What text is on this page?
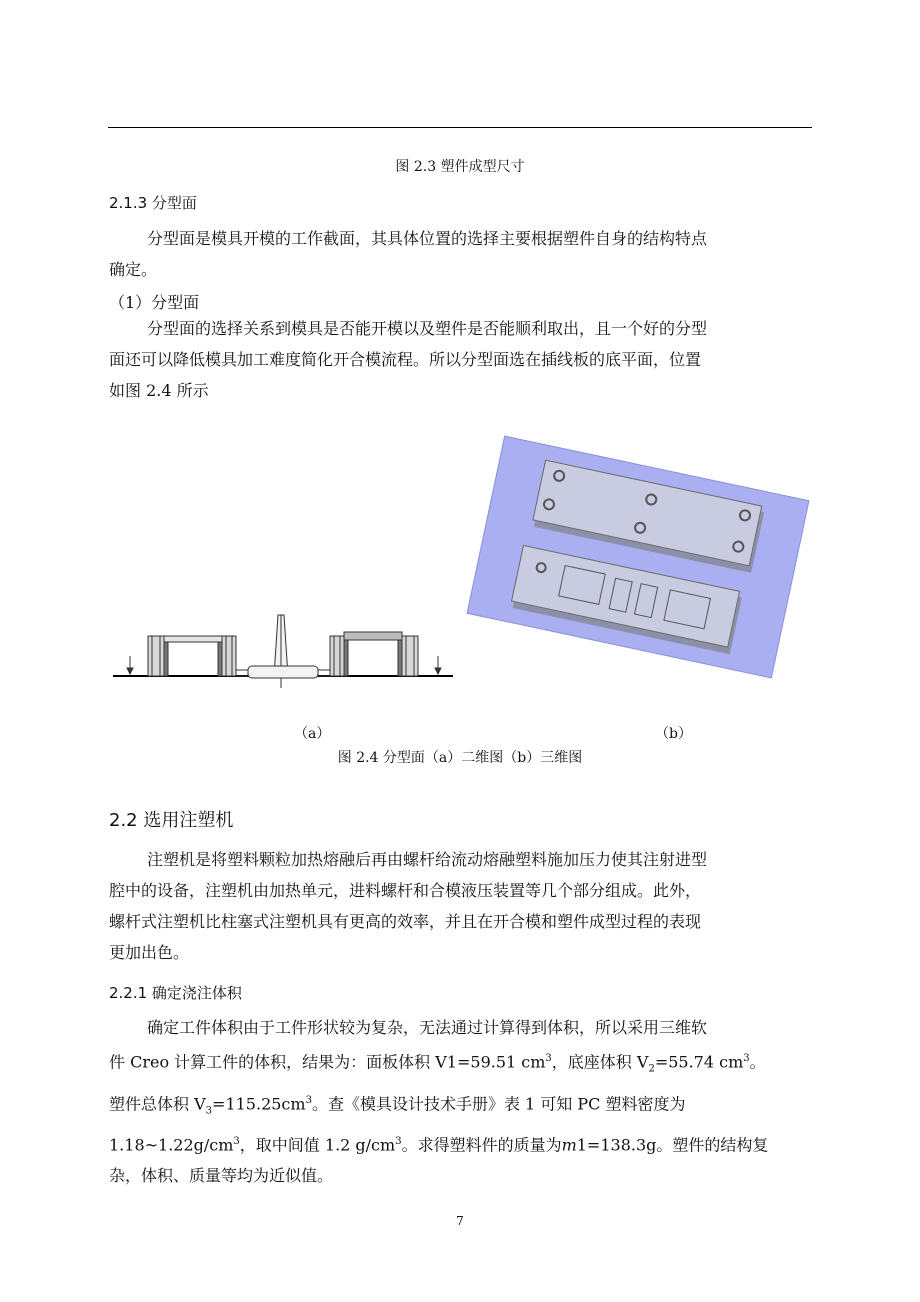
图 2.3 塑件成型尺寸
2.1.3 分型面
分型面是模具开模的工作截面，其具体位置的选择主要根据塑件自身的结构特点
确定。
（1）分型面
分型面的选择关系到模具是否能开模以及塑件是否能顺利取出，且一个好的分型
面还可以降低模具加工难度简化开合模流程。所以分型面选在插线板的底平面，位置
如图 2.4 所示
（a）	（b）
图 2.4 分型面（a）二维图（b）三维图
2.2 选用注塑机
注塑机是将塑料颗粒加热熔融后再由螺杆给流动熔融塑料施加压力使其注射进型
腔中的设备，注塑机由加热单元，进料螺杆和合模液压装置等几个部分组成。此外，
螺杆式注塑机比柱塞式注塑机具有更高的效率，并且在开合模和塑件成型过程的表现
更加出色。
2.2.1 确定浇注体积
确定工件体积由于工件形状较为复杂，无法通过计算得到体积，所以采用三维软
件 Creo 计算工件的体积，结果为：面板体积 V1=59.51 $cm^3$，底座体积 $V_2=55.74$ $cm^3$。
塑件总体积 $V_3=115.25cm^3$。查《模具设计技术手册》表 1 可知 PC 塑料密度为
$1.18\sim 1.22g/cm^3$，取中间值 1.2 $g/cm^3$。求得塑料件的质量为m1=138.3g。塑件的结构复
杂，体积、质量等均为近似值。
7
